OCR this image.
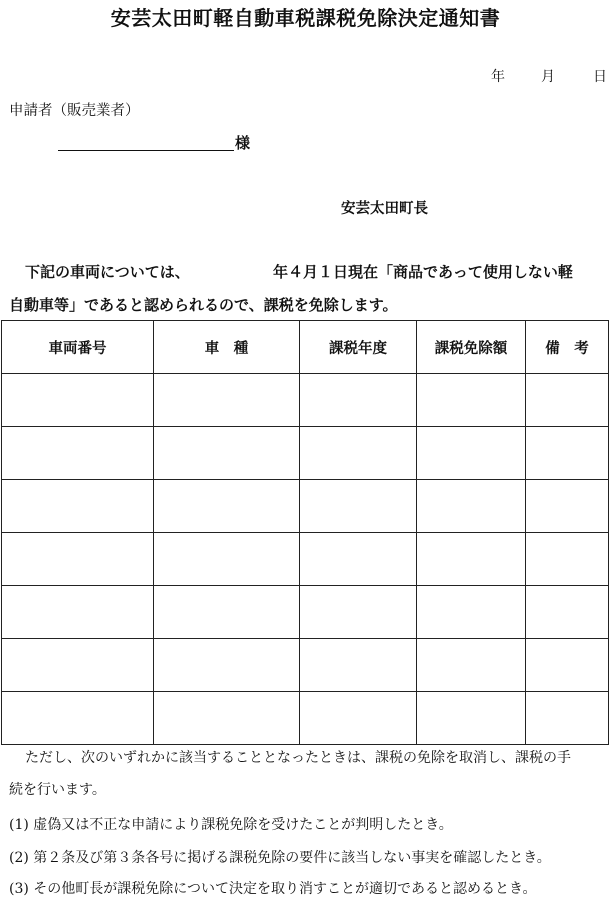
安芸太田町軽自動車税課税免除決定通知書
年	月	日
申請者（販売業者）
様
安芸太田町長
下記の車両については、	年４月１日現在「商品であって使用しない軽
自動車等」であると認められるので、課税を免除します。
車両番号	車　種	課税年度	課税免除額	備　考

ただし、次のいずれかに該当することとなったときは、課税の免除を取消し、課税の手
続を行います。
(1) 虚偽又は不正な申請により課税免除を受けたことが判明したとき。
(2) 第２条及び第３条各号に掲げる課税免除の要件に該当しない事実を確認したとき。
(3) その他町長が課税免除について決定を取り消すことが適切であると認めるとき。
